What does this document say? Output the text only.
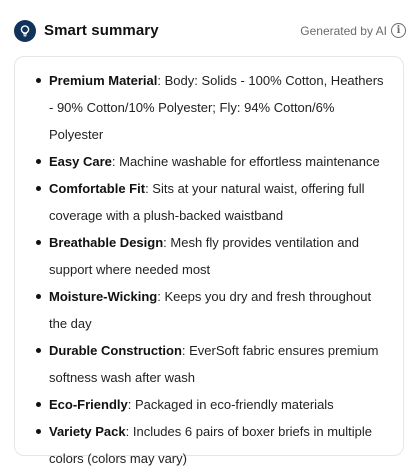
Smart summary	Generated by AI i
Premium Material: Body: Solids - 100% Cotton, Heathers - 90% Cotton/10% Polyester; Fly: 94% Cotton/6% Polyester
Easy Care: Machine washable for effortless maintenance
Comfortable Fit: Sits at your natural waist, offering full coverage with a plush-backed waistband
Breathable Design: Mesh fly provides ventilation and support where needed most
Moisture-Wicking: Keeps you dry and fresh throughout the day
Durable Construction: EverSoft fabric ensures premium softness wash after wash
Eco-Friendly: Packaged in eco-friendly materials
Variety Pack: Includes 6 pairs of boxer briefs in multiple colors (colors may vary)
